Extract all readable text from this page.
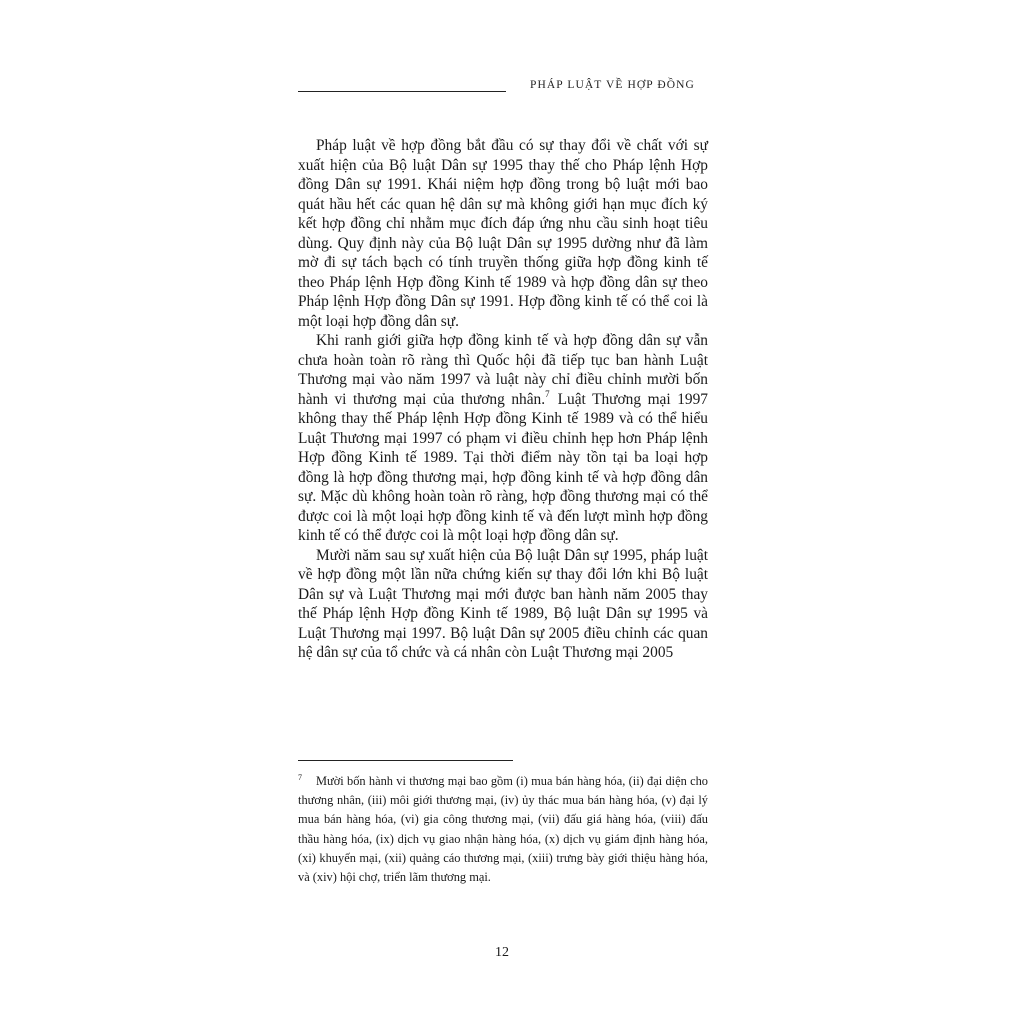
PHÁP LUẬT VỀ HỢP ĐỒNG

Pháp luật về hợp đồng bắt đầu có sự thay đổi về chất với sự xuất hiện của Bộ luật Dân sự 1995 thay thế cho Pháp lệnh Hợp đồng Dân sự 1991. Khái niệm hợp đồng trong bộ luật mới bao quát hầu hết các quan hệ dân sự mà không giới hạn mục đích ký kết hợp đồng chỉ nhằm mục đích đáp ứng nhu cầu sinh hoạt tiêu dùng. Quy định này của Bộ luật Dân sự 1995 dường như đã làm mờ đi sự tách bạch có tính truyền thống giữa hợp đồng kinh tế theo Pháp lệnh Hợp đồng Kinh tế 1989 và hợp đồng dân sự theo Pháp lệnh Hợp đồng Dân sự 1991. Hợp đồng kinh tế có thể coi là một loại hợp đồng dân sự.

Khi ranh giới giữa hợp đồng kinh tế và hợp đồng dân sự vẫn chưa hoàn toàn rõ ràng thì Quốc hội đã tiếp tục ban hành Luật Thương mại vào năm 1997 và luật này chỉ điều chỉnh mười bốn hành vi thương mại của thương nhân.$^7$ Luật Thương mại 1997 không thay thế Pháp lệnh Hợp đồng Kinh tế 1989 và có thể hiểu Luật Thương mại 1997 có phạm vi điều chỉnh hẹp hơn Pháp lệnh Hợp đồng Kinh tế 1989. Tại thời điểm này tồn tại ba loại hợp đồng là hợp đồng thương mại, hợp đồng kinh tế và hợp đồng dân sự. Mặc dù không hoàn toàn rõ ràng, hợp đồng thương mại có thể được coi là một loại hợp đồng kinh tế và đến lượt mình hợp đồng kinh tế có thể được coi là một loại hợp đồng dân sự.

Mười năm sau sự xuất hiện của Bộ luật Dân sự 1995, pháp luật về hợp đồng một lần nữa chứng kiến sự thay đổi lớn khi Bộ luật Dân sự và Luật Thương mại mới được ban hành năm 2005 thay thế Pháp lệnh Hợp đồng Kinh tế 1989, Bộ luật Dân sự 1995 và Luật Thương mại 1997. Bộ luật Dân sự 2005 điều chỉnh các quan hệ dân sự của tổ chức và cá nhân còn Luật Thương mại 2005

7 Mười bốn hành vi thương mại bao gồm (i) mua bán hàng hóa, (ii) đại diện cho thương nhân, (iii) môi giới thương mại, (iv) ủy thác mua bán hàng hóa, (v) đại lý mua bán hàng hóa, (vi) gia công thương mại, (vii) đấu giá hàng hóa, (viii) đấu thầu hàng hóa, (ix) dịch vụ giao nhận hàng hóa, (x) dịch vụ giám định hàng hóa, (xi) khuyến mại, (xii) quảng cáo thương mại, (xiii) trưng bày giới thiệu hàng hóa, và (xiv) hội chợ, triển lãm thương mại.

12
